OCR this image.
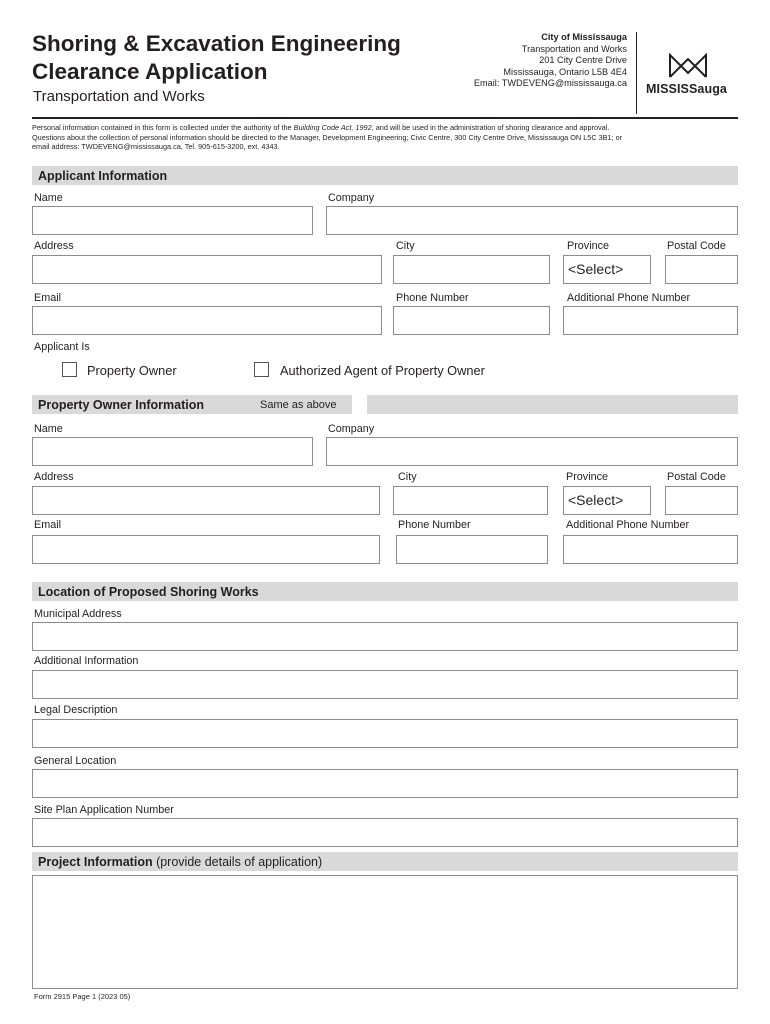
Shoring & Excavation Engineering
Clearance Application
Transportation and Works
City of Mississauga
Transportation and Works
201 City Centre Drive
Mississauga, Ontario L5B 4E4
Email: TWDEVENG@mississauga.ca MISSISSauga

Personal information contained in this form is collected under the authority of the Building Code Act, 1992, and will be used in the administration of shoring clearance and approval.

Questions about the collection of personal information should be directed to the Manager, Development Engineering; Civic Centre, 300 City Centre Drive, Mississauga ON L5C 3B1; or

email address: TWDEVENG@mississauga.ca, Tel. 905-615-3200, ext. 4343.

Applicant Information
Name	Company
Address	City	Province	Postal Code
<Select>
Email	Phone Number	Additional Phone Number
Applicant Is
Property Owner	Authorized Agent of Property Owner
Property Owner Information	Same as above
Name	Company
Address	City	Province	Postal Code
<Select>
Email	Phone Number	Additional Phone Number
Location of Proposed Shoring Works
Municipal Address
Additional Information
Legal Description
General Location
Site Plan Application Number
Project Information (provide details of application)
Form 2915 Page 1 (2023 05)
